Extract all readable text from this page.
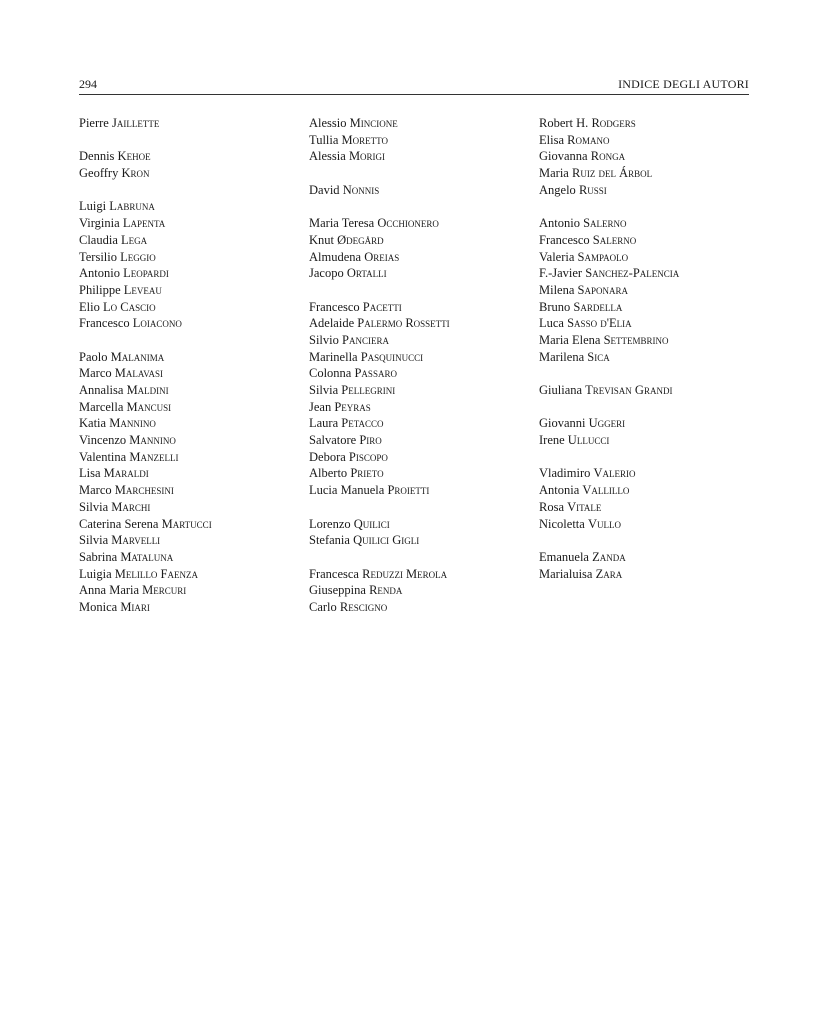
294	INDICE DEGLI AUTORI
Pierre Jaillette
Dennis Kehoe
Geoffry Kron
Luigi Labruna
Virginia Lapenta
Claudia Lega
Tersilio Leggio
Antonio Leopardi
Philippe Leveau
Elio Lo Cascio
Francesco Loiacono
Paolo Malanima
Marco Malavasi
Annalisa Maldini
Marcella Mancusi
Katia Mannino
Vincenzo Mannino
Valentina Manzelli
Lisa Maraldi
Marco Marchesini
Silvia Marchi
Caterina Serena Martucci
Silvia Marvelli
Sabrina Mataluna
Luigia Melillo Faenza
Anna Maria Mercuri
Monica Miari
Alessio Mincione
Tullia Moretto
Alessia Morigi
David Nonnis
Maria Teresa Occhionero
Knut Ødegård
Almudena Oreias
Jacopo Ortalli
Francesco Pacetti
Adelaide Palermo Rossetti
Silvio Panciera
Marinella Pasquinucci
Colonna Passaro
Silvia Pellegrini
Jean Peyras
Laura Petacco
Salvatore Piro
Debora Piscopo
Alberto Prieto
Lucia Manuela Proietti
Lorenzo Quilici
Stefania Quilici Gigli
Francesca Reduzzi Merola
Giuseppina Renda
Carlo Rescigno
Robert H. Rodgers
Elisa Romano
Giovanna Ronga
Maria Ruiz del Árbol
Angelo Russi
Antonio Salerno
Francesco Salerno
Valeria Sampaolo
F.-Javier Sanchez-Palencia
Milena Saponara
Bruno Sardella
Luca Sasso d'Elia
Maria Elena Settembrino
Marilena Sica
Giuliana Trevisan Grandi
Giovanni Uggeri
Irene Ullucci
Vladimiro Valerio
Antonia Vallillo
Rosa Vitale
Nicoletta Vullo
Emanuela Zanda
Marialuisa Zara
